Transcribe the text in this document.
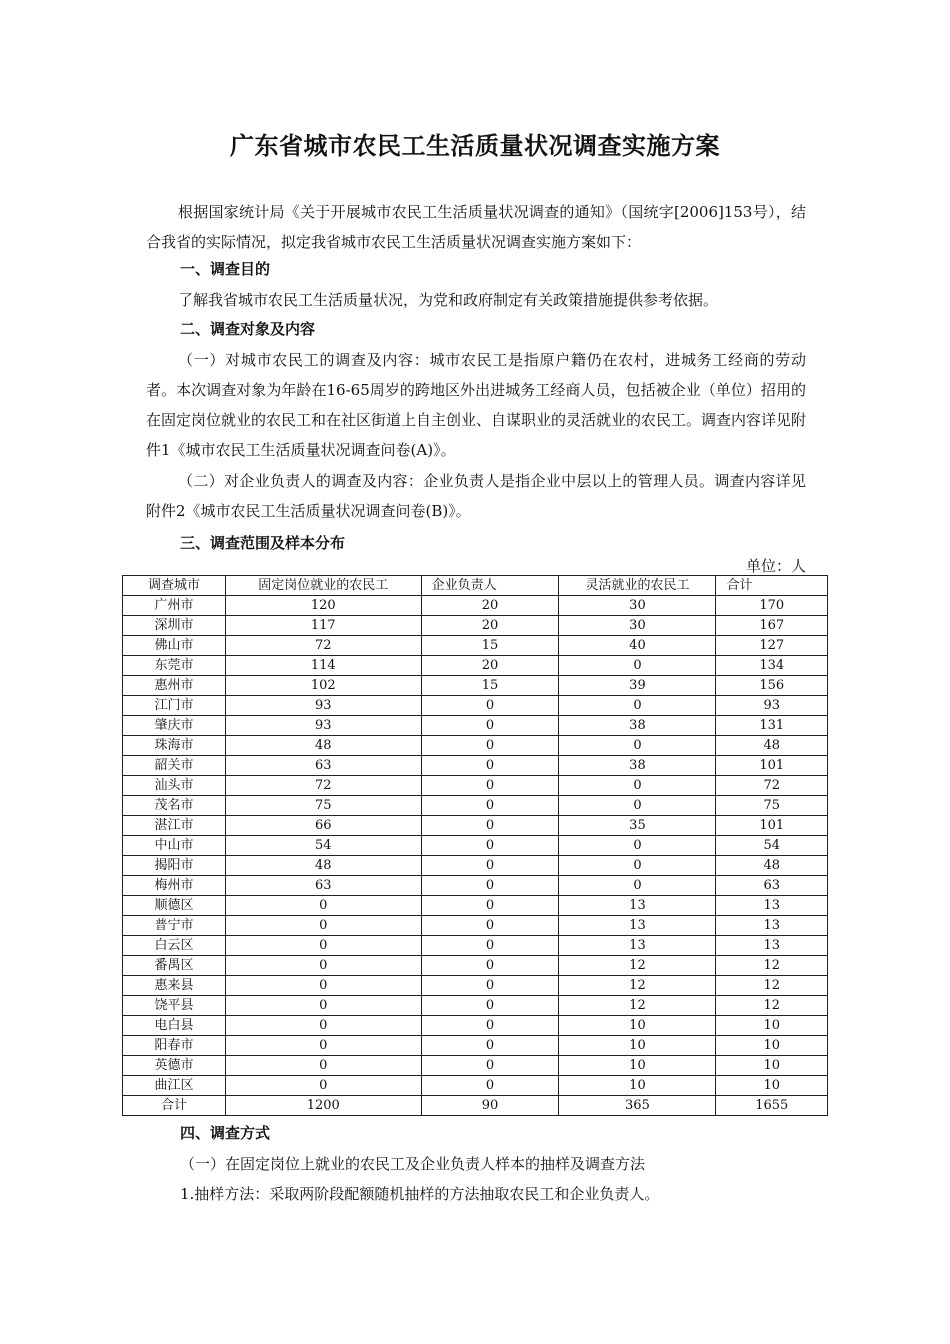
广东省城市农民工生活质量状况调查实施方案
根据国家统计局《关于开展城市农民工生活质量状况调查的通知》（国统字[2006]153号），结合我省的实际情况，拟定我省城市农民工生活质量状况调查实施方案如下：
一、调查目的
了解我省城市农民工生活质量状况，为党和政府制定有关政策措施提供参考依据。
二、调查对象及内容
（一）对城市农民工的调查及内容：城市农民工是指原户籍仍在农村，进城务工经商的劳动者。本次调查对象为年龄在16-65周岁的跨地区外出进城务工经商人员，包括被企业（单位）招用的在固定岗位就业的农民工和在社区街道上自主创业、自谋职业的灵活就业的农民工。调查内容详见附件1《城市农民工生活质量状况调查问卷(A)》。
（二）对企业负责人的调查及内容：企业负责人是指企业中层以上的管理人员。调查内容详见附件2《城市农民工生活质量状况调查问卷(B)》。
三、调查范围及样本分布
单位：人
调查城市	固定岗位就业的农民工	企业负责人	灵活就业的农民工	合计
广州市	120	20	30	170
深圳市	117	20	30	167
佛山市	72	15	40	127
东莞市	114	20	0	134
惠州市	102	15	39	156
江门市	93	0	0	93
肇庆市	93	0	38	131
珠海市	48	0	0	48
韶关市	63	0	38	101
汕头市	72	0	0	72
茂名市	75	0	0	75
湛江市	66	0	35	101
中山市	54	0	0	54
揭阳市	48	0	0	48
梅州市	63	0	0	63
顺德区	0	0	13	13
普宁市	0	0	13	13
白云区	0	0	13	13
番禺区	0	0	12	12
惠来县	0	0	12	12
饶平县	0	0	12	12
电白县	0	0	10	10
阳春市	0	0	10	10
英德市	0	0	10	10
曲江区	0	0	10	10
合计	1200	90	365	1655
四、调查方式
（一）在固定岗位上就业的农民工及企业负责人样本的抽样及调查方法
1.抽样方法：采取两阶段配额随机抽样的方法抽取农民工和企业负责人。
